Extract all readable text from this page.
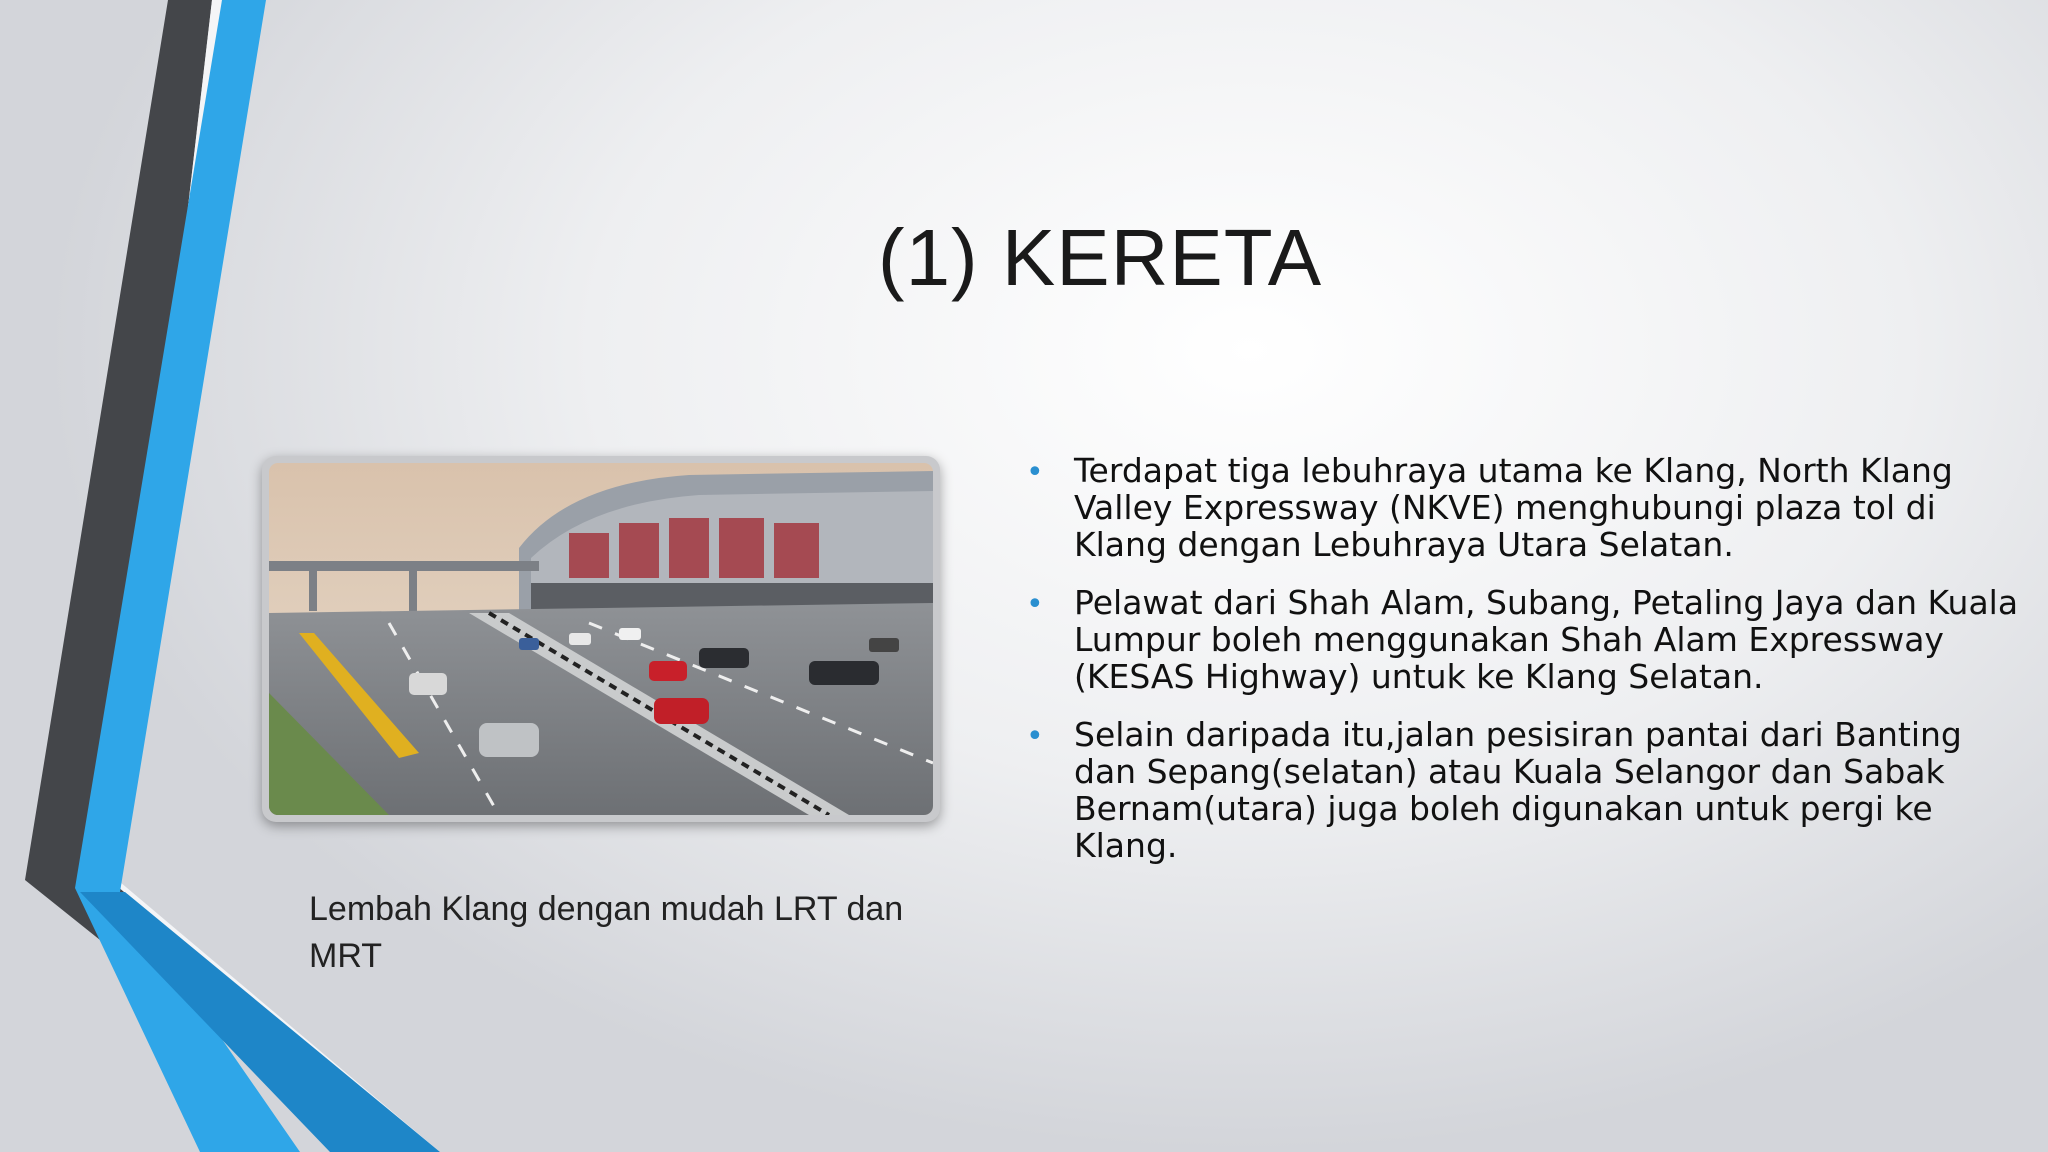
(1) KERETA
Lembah Klang dengan mudah LRT dan MRT
• Terdapat tiga lebuhraya utama ke Klang, North Klang Valley Expressway (NKVE) menghubungi plaza tol di Klang dengan Lebuhraya Utara Selatan.
• Pelawat dari Shah Alam, Subang, Petaling Jaya dan Kuala Lumpur boleh menggunakan Shah Alam Expressway (KESAS Highway) untuk ke Klang Selatan.
• Selain daripada itu,jalan pesisiran pantai dari Banting dan Sepang(selatan) atau Kuala Selangor dan Sabak Bernam(utara) juga boleh digunakan untuk pergi ke Klang.
